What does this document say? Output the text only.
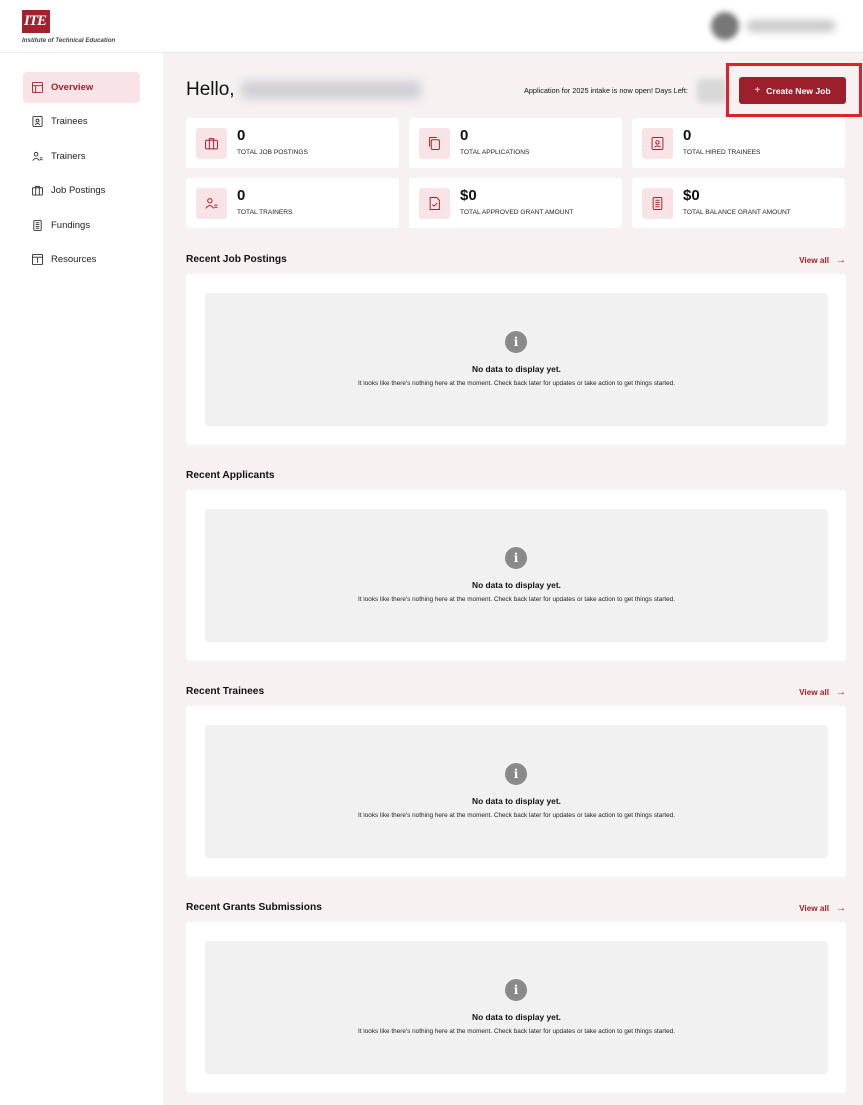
ITE
Institute of Technical Education
Overview
Trainees
Trainers
Job Postings
Fundings
Resources
Hello,	Application for 2025 intake is now open! Days Left:	+ Create New Job
0
TOTAL JOB POSTINGS
0
TOTAL APPLICATIONS
0
TOTAL HIRED TRAINEES
0
TOTAL TRAINERS
$0
TOTAL APPROVED GRANT AMOUNT
$0
TOTAL BALANCE GRANT AMOUNT
Recent Job Postings	View all →
i
No data to display yet.
It looks like there's nothing here at the moment. Check back later for updates or take action to get things started.
Recent Applicants
i
No data to display yet.
It looks like there's nothing here at the moment. Check back later for updates or take action to get things started.
Recent Trainees	View all →
i
No data to display yet.
It looks like there's nothing here at the moment. Check back later for updates or take action to get things started.
Recent Grants Submissions	View all →
i
No data to display yet.
It looks like there's nothing here at the moment. Check back later for updates or take action to get things started.
